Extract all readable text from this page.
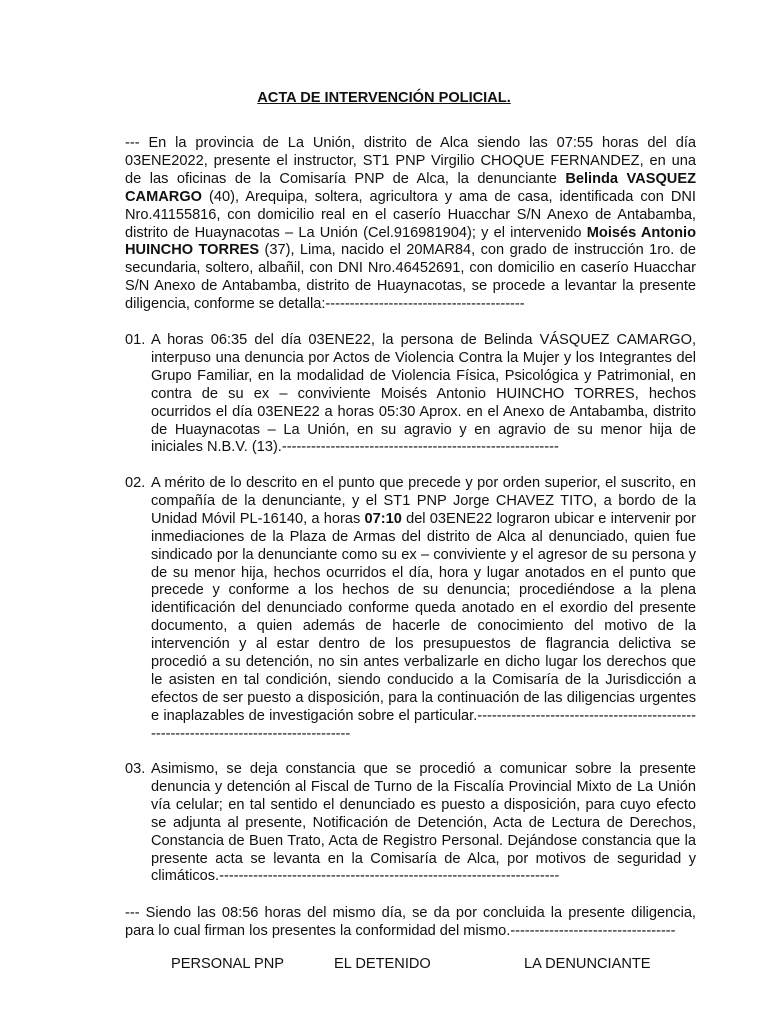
ACTA DE INTERVENCIÓN POLICIAL.
--- En la provincia de La Unión, distrito de Alca siendo las 07:55 horas del día 03ENE2022, presente el instructor, ST1 PNP Virgilio CHOQUE FERNANDEZ, en una de las oficinas de la Comisaría PNP de Alca, la denunciante Belinda VASQUEZ CAMARGO (40), Arequipa, soltera, agricultora y ama de casa, identificada con DNI Nro.41155816, con domicilio real en el caserío Huacchar S/N Anexo de Antabamba, distrito de Huaynacotas – La Unión (Cel.916981904); y el intervenido Moisés Antonio HUINCHO TORRES (37), Lima, nacido el 20MAR84, con grado de instrucción 1ro. de secundaria, soltero, albañil, con DNI Nro.46452691, con domicilio en caserío Huacchar S/N Anexo de Antabamba, distrito de Huaynacotas, se procede a levantar la presente diligencia, conforme se detalla:-----------------------------------------
01. A horas 06:35 del día 03ENE22, la persona de Belinda VÁSQUEZ CAMARGO, interpuso una denuncia por Actos de Violencia Contra la Mujer y los Integrantes del Grupo Familiar, en la modalidad de Violencia Física, Psicológica y Patrimonial, en contra de su ex – conviviente Moisés Antonio HUINCHO TORRES, hechos ocurridos el día 03ENE22 a horas 05:30 Aprox. en el Anexo de Antabamba, distrito de Huaynacotas – La Unión, en su agravio y en agravio de su menor hija de iniciales N.B.V. (13).---------------------------------------------------------
02. A mérito de lo descrito en el punto que precede y por orden superior, el suscrito, en compañía de la denunciante, y el ST1 PNP Jorge CHAVEZ TITO, a bordo de la Unidad Móvil PL-16140, a horas 07:10 del 03ENE22 lograron ubicar e intervenir por inmediaciones de la Plaza de Armas del distrito de Alca al denunciado, quien fue sindicado por la denunciante como su ex – conviviente y el agresor de su persona y de su menor hija, hechos ocurridos el día, hora y lugar anotados en el punto que precede y conforme a los hechos de su denuncia; procediéndose a la plena identificación del denunciado conforme queda anotado en el exordio del presente documento, a quien además de hacerle de conocimiento del motivo de la intervención y al estar dentro de los presupuestos de flagrancia delictiva se procedió a su detención, no sin antes verbalizarle en dicho lugar los derechos que le asisten en tal condición, siendo conducido a la Comisaría de la Jurisdicción a efectos de ser puesto a disposición, para la continuación de las diligencias urgentes e inaplazables de investigación sobre el particular.--------------------------------------------------------------------------------------
03. Asimismo, se deja constancia que se procedió a comunicar sobre la presente denuncia y detención al Fiscal de Turno de la Fiscalía Provincial Mixto de La Unión vía celular; en tal sentido el denunciado es puesto a disposición, para cuyo efecto se adjunta al presente, Notificación de Detención, Acta de Lectura de Derechos, Constancia de Buen Trato, Acta de Registro Personal. Dejándose constancia que la presente acta se levanta en la Comisaría de Alca, por motivos de seguridad y climáticos.----------------------------------------------------------------------
--- Siendo las 08:56 horas del mismo día, se da por concluida la presente diligencia, para lo cual firman los presentes la conformidad del mismo.----------------------------------
PERSONAL PNP	EL DETENIDO	LA DENUNCIANTE
